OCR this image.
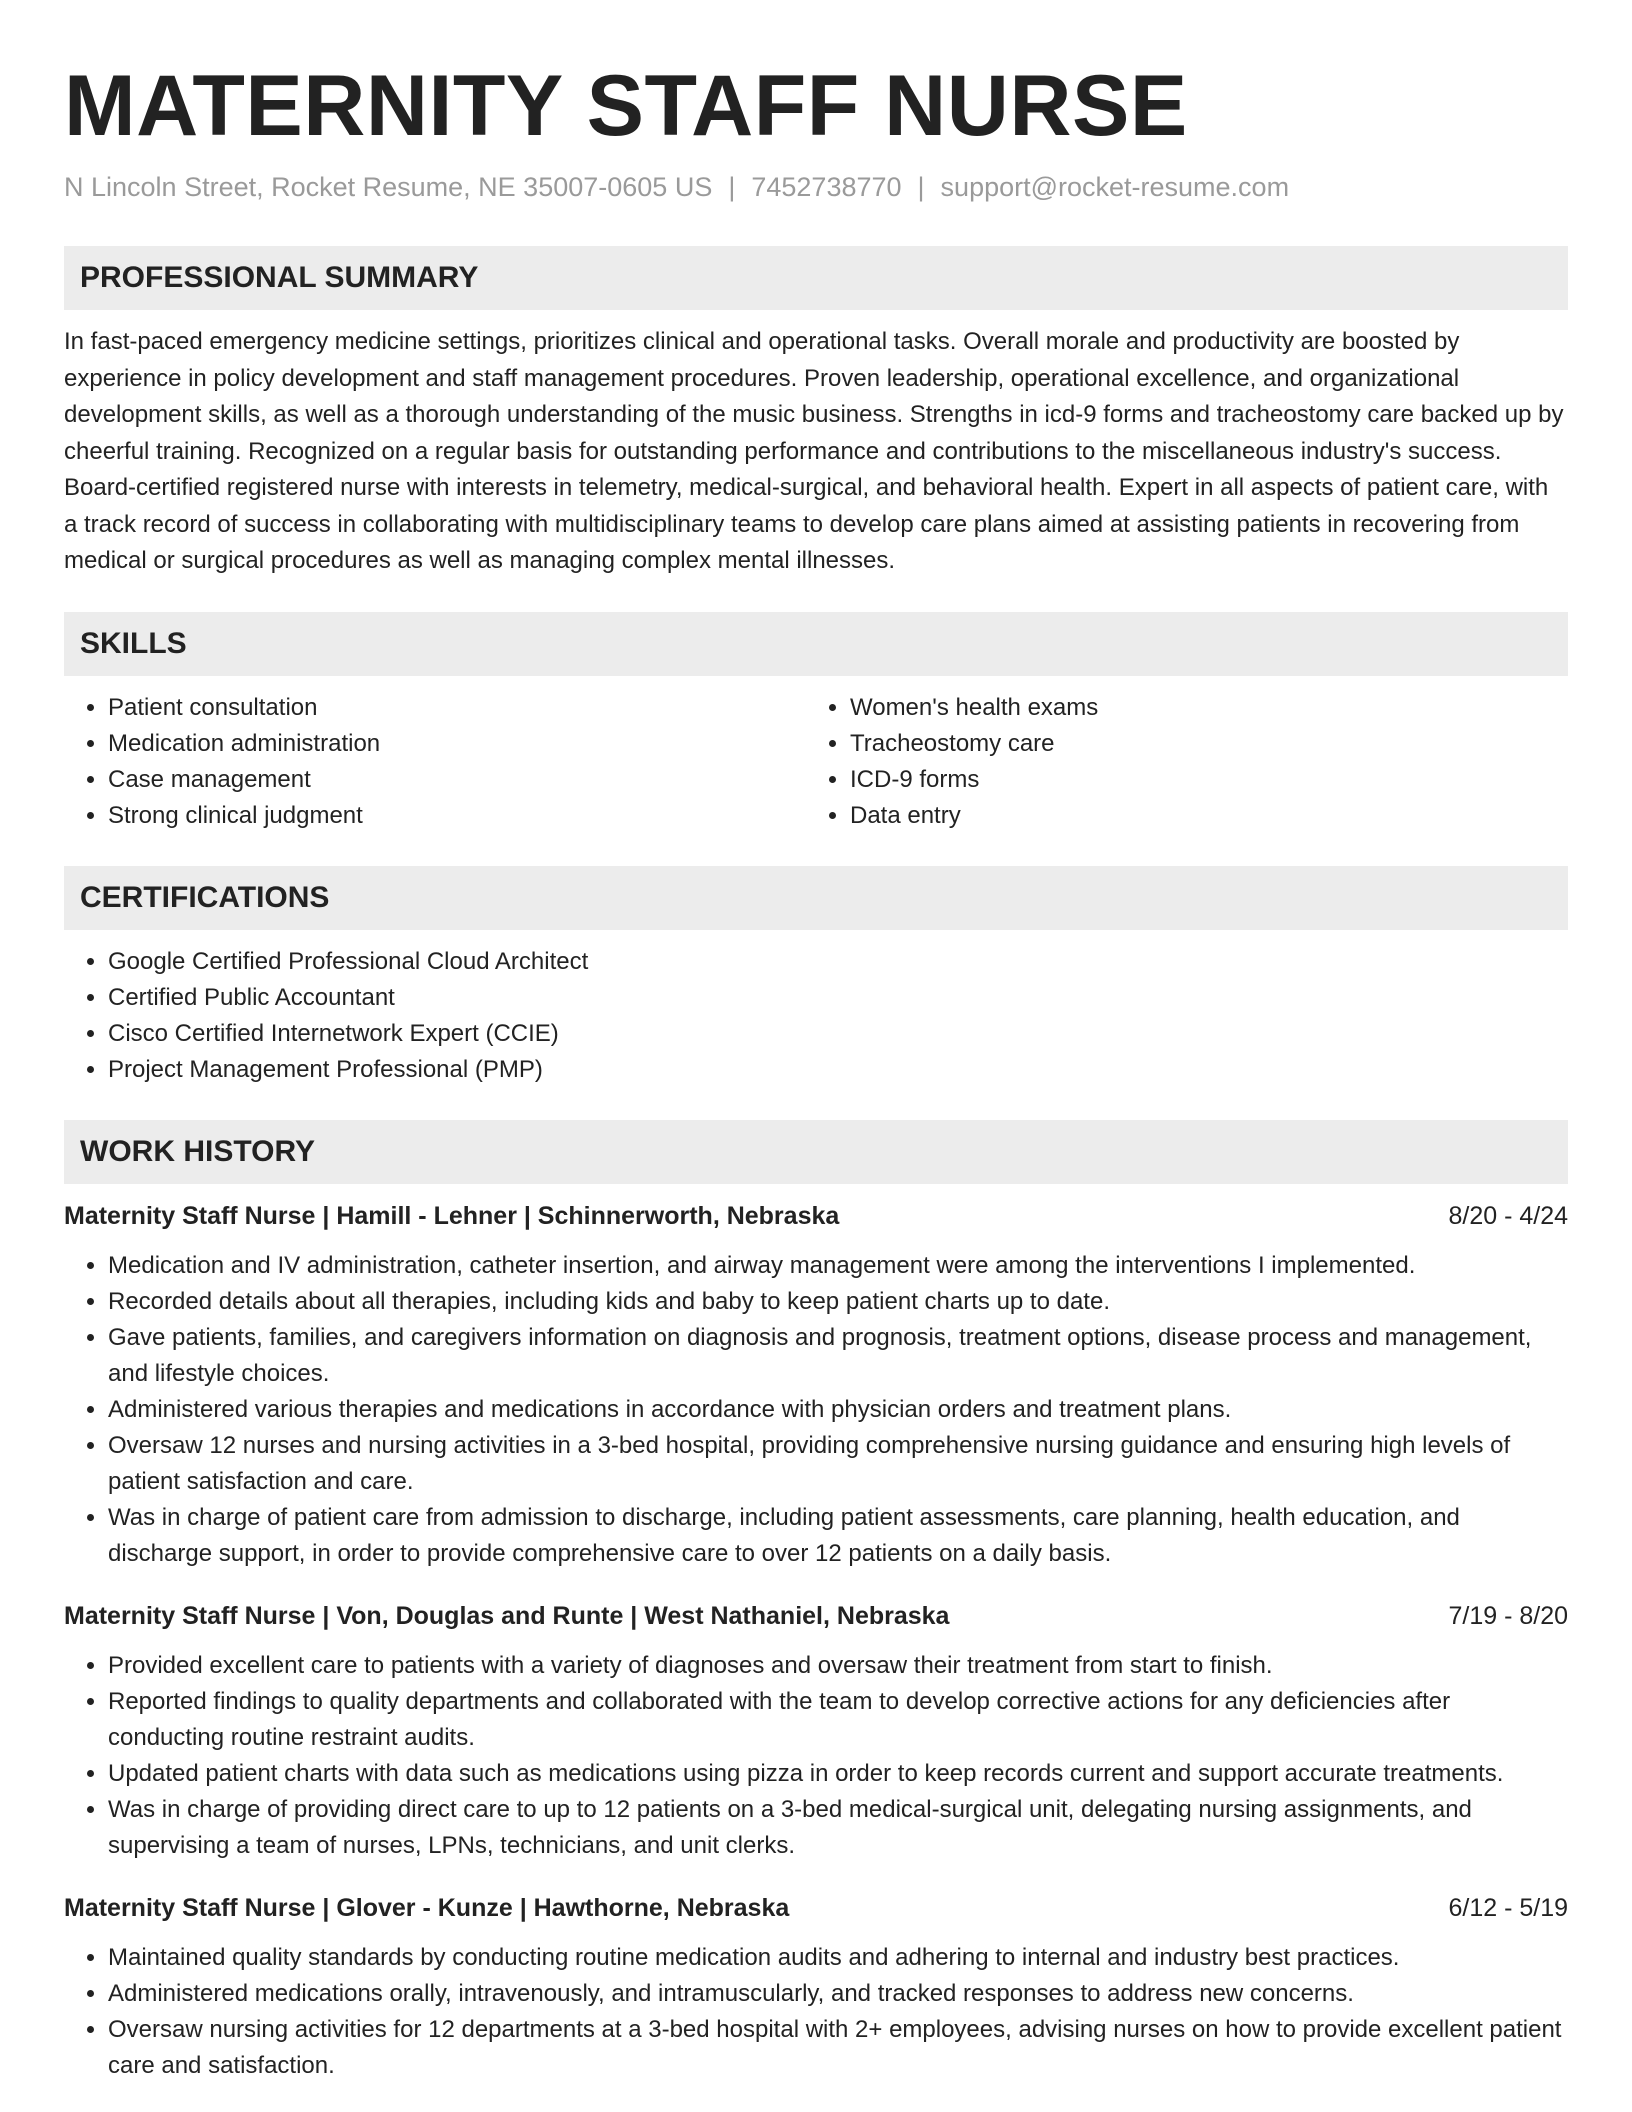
MATERNITY STAFF NURSE
N Lincoln Street, Rocket Resume, NE 35007-0605 US | 7452738770 | support@rocket-resume.com
PROFESSIONAL SUMMARY

In fast-paced emergency medicine settings, prioritizes clinical and operational tasks. Overall morale and productivity are boosted by experience in policy development and staff management procedures. Proven leadership, operational excellence, and organizational development skills, as well as a thorough understanding of the music business. Strengths in icd-9 forms and tracheostomy care backed up by cheerful training. Recognized on a regular basis for outstanding performance and contributions to the miscellaneous industry's success. Board-certified registered nurse with interests in telemetry, medical-surgical, and behavioral health. Expert in all aspects of patient care, with a track record of success in collaborating with multidisciplinary teams to develop care plans aimed at assisting patients in recovering from medical or surgical procedures as well as managing complex mental illnesses.

SKILLS
• Patient consultation
• Medication administration
• Case management
• Strong clinical judgment
• Women's health exams
• Tracheostomy care
• ICD-9 forms
• Data entry
CERTIFICATIONS
• Google Certified Professional Cloud Architect
• Certified Public Accountant
• Cisco Certified Internetwork Expert (CCIE)
• Project Management Professional (PMP)
WORK HISTORY
Maternity Staff Nurse | Hamill - Lehner | Schinnerworth, Nebraska	8/20 - 4/24
• Medication and IV administration, catheter insertion, and airway management were among the interventions I implemented.
• Recorded details about all therapies, including kids and baby to keep patient charts up to date.
• Gave patients, families, and caregivers information on diagnosis and prognosis, treatment options, disease process and management, and lifestyle choices.
• Administered various therapies and medications in accordance with physician orders and treatment plans.
• Oversaw 12 nurses and nursing activities in a 3-bed hospital, providing comprehensive nursing guidance and ensuring high levels of patient satisfaction and care.
• Was in charge of patient care from admission to discharge, including patient assessments, care planning, health education, and discharge support, in order to provide comprehensive care to over 12 patients on a daily basis.
Maternity Staff Nurse | Von, Douglas and Runte | West Nathaniel, Nebraska	7/19 - 8/20
• Provided excellent care to patients with a variety of diagnoses and oversaw their treatment from start to finish.
• Reported findings to quality departments and collaborated with the team to develop corrective actions for any deficiencies after conducting routine restraint audits.
• Updated patient charts with data such as medications using pizza in order to keep records current and support accurate treatments.
• Was in charge of providing direct care to up to 12 patients on a 3-bed medical-surgical unit, delegating nursing assignments, and supervising a team of nurses, LPNs, technicians, and unit clerks.
Maternity Staff Nurse | Glover - Kunze | Hawthorne, Nebraska	6/12 - 5/19
• Maintained quality standards by conducting routine medication audits and adhering to internal and industry best practices.
• Administered medications orally, intravenously, and intramuscularly, and tracked responses to address new concerns.
• Oversaw nursing activities for 12 departments at a 3-bed hospital with 2+ employees, advising nurses on how to provide excellent patient care and satisfaction.
